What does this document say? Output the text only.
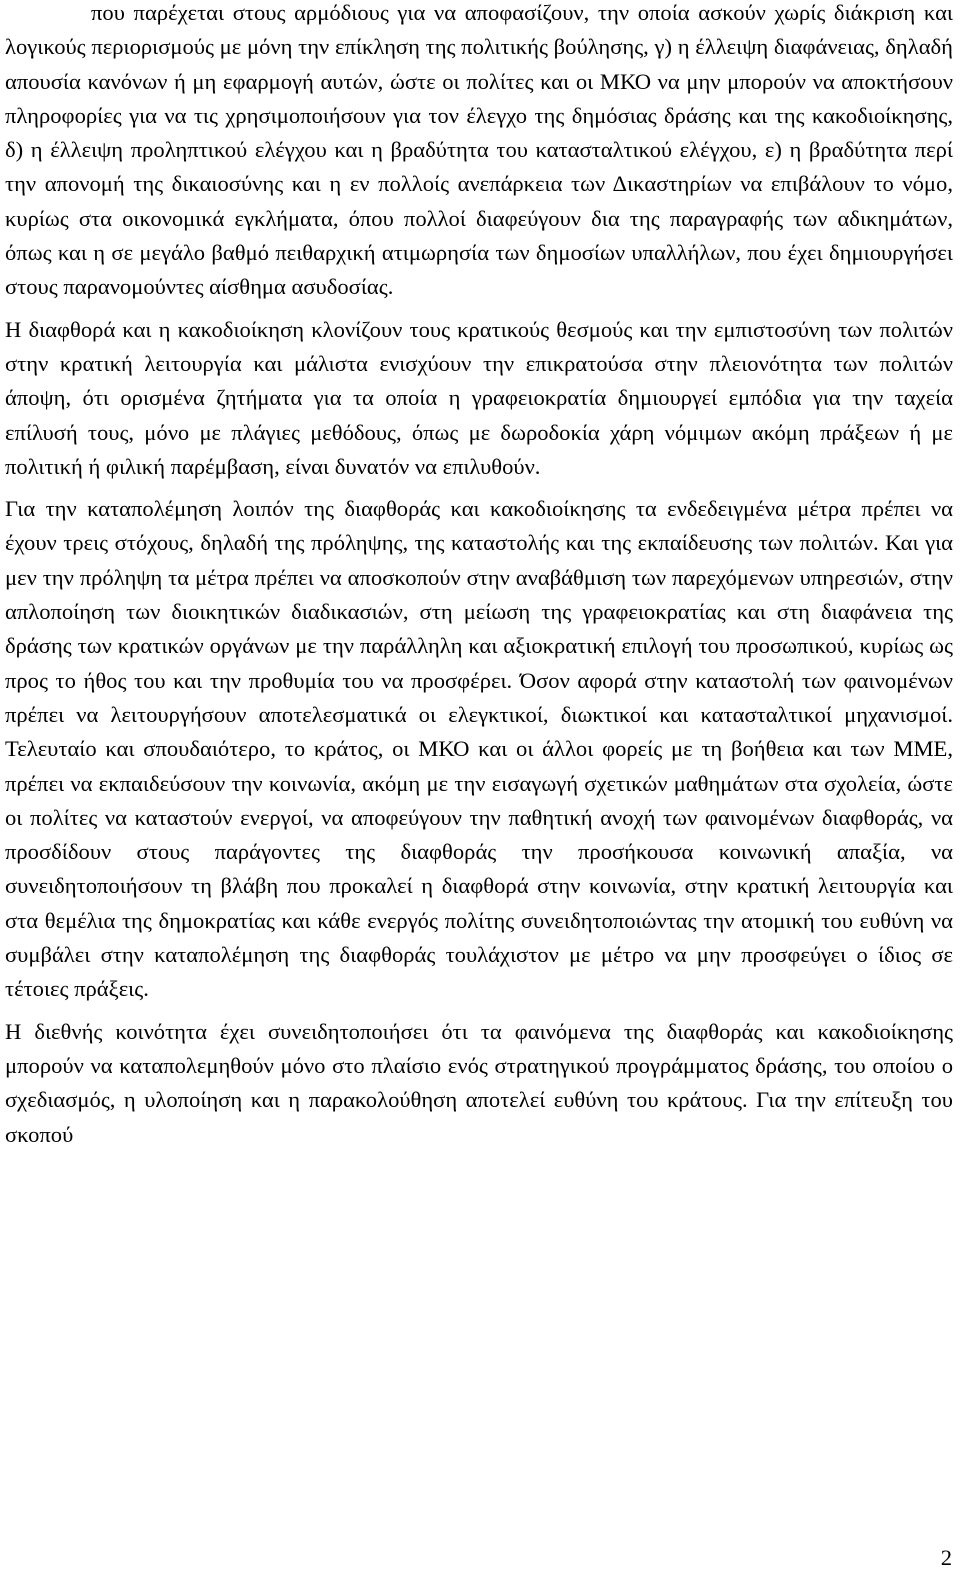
που παρέχεται στους αρμόδιους για να αποφασίζουν, την οποία ασκούν χωρίς διάκριση και λογικούς περιορισμούς με μόνη την επίκληση της πολιτικής βούλησης, γ) η έλλειψη διαφάνειας, δηλαδή απουσία κανόνων ή μη εφαρμογή αυτών, ώστε οι πολίτες και οι ΜΚΟ να μην μπορούν να αποκτήσουν πληροφορίες για να τις χρησιμοποιήσουν για τον έλεγχο της δημόσιας δράσης και της κακοδιοίκησης, δ) η έλλειψη προληπτικού ελέγχου και η βραδύτητα του κατασταλτικού ελέγχου, ε) η βραδύτητα περί την απονομή της δικαιοσύνης και η εν πολλοίς ανεπάρκεια των Δικαστηρίων να επιβάλουν το νόμο, κυρίως στα οικονομικά εγκλήματα, όπου πολλοί διαφεύγουν δια της παραγραφής των αδικημάτων, όπως και η σε μεγάλο βαθμό πειθαρχική ατιμωρησία των δημοσίων υπαλλήλων, που έχει δημιουργήσει στους παρανομούντες αίσθημα ασυδοσίας.

Η διαφθορά και η κακοδιοίκηση κλονίζουν τους κρατικούς θεσμούς και την εμπιστοσύνη των πολιτών στην κρατική λειτουργία και μάλιστα ενισχύουν την επικρατούσα στην πλειονότητα των πολιτών άποψη, ότι ορισμένα ζητήματα για τα οποία η γραφειοκρατία δημιουργεί εμπόδια για την ταχεία επίλυσή τους, μόνο με πλάγιες μεθόδους, όπως με δωροδοκία χάρη νόμιμων ακόμη πράξεων ή με πολιτική ή φιλική παρέμβαση, είναι δυνατόν να επιλυθούν.

Για την καταπολέμηση λοιπόν της διαφθοράς και κακοδιοίκησης τα ενδεδειγμένα μέτρα πρέπει να έχουν τρεις στόχους, δηλαδή της πρόληψης, της καταστολής και της εκπαίδευσης των πολιτών. Και για μεν την πρόληψη τα μέτρα πρέπει να αποσκοπούν στην αναβάθμιση των παρεχόμενων υπηρεσιών, στην απλοποίηση των διοικητικών διαδικασιών, στη μείωση της γραφειοκρατίας και στη διαφάνεια της δράσης των κρατικών οργάνων με την παράλληλη και αξιοκρατική επιλογή του προσωπικού, κυρίως ως προς το ήθος του και την προθυμία του να προσφέρει. Όσον αφορά στην καταστολή των φαινομένων πρέπει να λειτουργήσουν αποτελεσματικά οι ελεγκτικοί, διωκτικοί και κατασταλτικοί μηχανισμοί. Τελευταίο και σπουδαιότερο, το κράτος, οι ΜΚΟ και οι άλλοι φορείς με τη βοήθεια και των ΜΜΕ, πρέπει να εκπαιδεύσουν την κοινωνία, ακόμη με την εισαγωγή σχετικών μαθημάτων στα σχολεία, ώστε οι πολίτες να καταστούν ενεργοί, να αποφεύγουν την παθητική ανοχή των φαινομένων διαφθοράς, να προσδίδουν στους παράγοντες της διαφθοράς την προσήκουσα κοινωνική απαξία, να συνειδητοποιήσουν τη βλάβη που προκαλεί η διαφθορά στην κοινωνία, στην κρατική λειτουργία και στα θεμέλια της δημοκρατίας και κάθε ενεργός πολίτης συνειδητοποιώντας την ατομική του ευθύνη να συμβάλει στην καταπολέμηση της διαφθοράς τουλάχιστον με μέτρο να μην προσφεύγει ο ίδιος σε τέτοιες πράξεις.

Η διεθνής κοινότητα έχει συνειδητοποιήσει ότι τα φαινόμενα της διαφθοράς και κακοδιοίκησης μπορούν να καταπολεμηθούν μόνο στο πλαίσιο ενός στρατηγικού προγράμματος δράσης, του οποίου ο σχεδιασμός, η υλοποίηση και η παρακολούθηση αποτελεί ευθύνη του κράτους. Για την επίτευξη του σκοπού

2
